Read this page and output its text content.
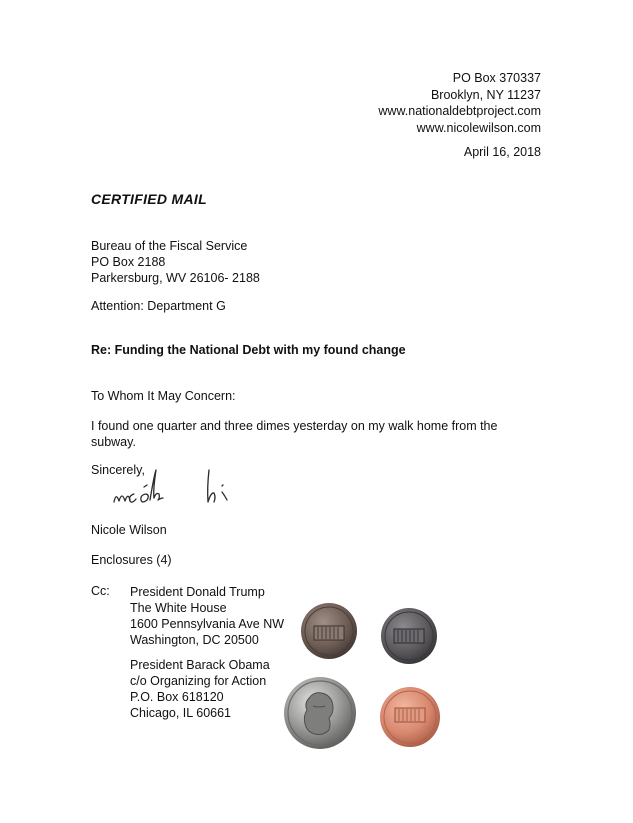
PO Box 370337
Brooklyn, NY 11237
www.nationaldebtproject.com
www.nicolewilson.com
April 16, 2018
CERTIFIED MAIL
Bureau of the Fiscal Service
PO Box 2188
Parkersburg, WV 26106- 2188
Attention: Department G
Re: Funding the National Debt with my found change
To Whom It May Concern:
I found one quarter and three dimes yesterday on my walk home from the
subway.
Sincerely,
Nicole Wilson
Enclosures (4)
Cc: President Donald Trump
The White House
1600 Pennsylvania Ave NW
Washington, DC 20500
President Barack Obama
c/o Organizing for Action
P.O. Box 618120
Chicago, IL 60661
